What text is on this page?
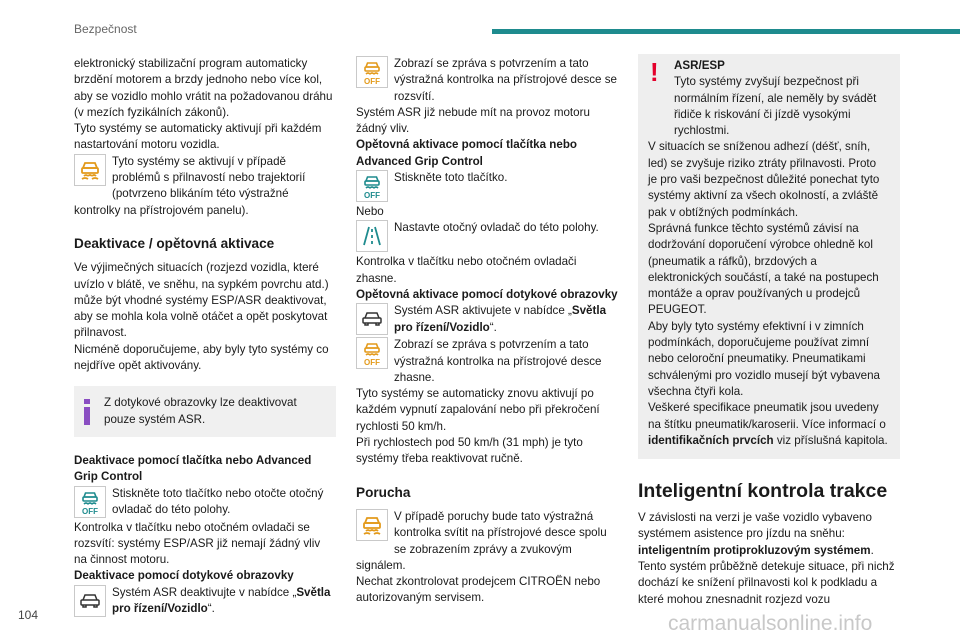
Bezpečnost

elektronický stabilizační program automaticky brzdění motorem a brzdy jednoho nebo více kol, aby se vozidlo mohlo vrátit na požadovanou dráhu (v mezích fyzikálních zákonů).

Tyto systémy se automaticky aktivují při každém nastartování motoru vozidla.

Tyto systémy se aktivují v případě problémů s přilnavostí nebo trajektorií (potvrzeno blikáním této výstražné kontrolky na přístrojovém panelu).

Deaktivace / opětovná aktivace

Ve výjimečných situacích (rozjezd vozidla, které uvízlo v blátě, ve sněhu, na sypkém povrchu atd.) může být vhodné systémy ESP/ASR deaktivovat, aby se mohla kola volně otáčet a opět poskytovat přilnavost.

Nicméně doporučujeme, aby byly tyto systémy co nejdříve opět aktivovány.

Z dotykové obrazovky lze deaktivovat pouze systém ASR.

Deaktivace pomocí tlačítka nebo Advanced Grip Control

OFF

Stiskněte toto tlačítko nebo otočte otočný ovladač do této polohy.

Kontrolka v tlačítku nebo otočném ovladači se rozsvítí: systémy ESP/ASR již nemají žádný vliv na činnost motoru.

Deaktivace pomocí dotykové obrazovky

Systém ASR deaktivujte v nabídce „Světla pro řízení/Vozidlo“.

OFF

Zobrazí se zpráva s potvrzením a tato výstražná kontrolka na přístrojové desce se rozsvítí.

Systém ASR již nebude mít na provoz motoru žádný vliv.

Opětovná aktivace pomocí tlačítka nebo Advanced Grip Control

OFF

Stiskněte toto tlačítko.

Nebo

Nastavte otočný ovladač do této polohy.

Kontrolka v tlačítku nebo otočném ovladači zhasne.

Opětovná aktivace pomocí dotykové obrazovky

Systém ASR aktivujete v nabídce „Světla pro řízení/Vozidlo“.

OFF

Zobrazí se zpráva s potvrzením a tato výstražná kontrolka na přístrojové desce zhasne.

Tyto systémy se automaticky znovu aktivují po každém vypnutí zapalování nebo při překročení rychlosti 50 km/h.

Při rychlostech pod 50 km/h (31 mph) je tyto systémy třeba reaktivovat ručně.

Porucha

V případě poruchy bude tato výstražná kontrolka svítit na přístrojové desce spolu se zobrazením zprávy a zvukovým signálem.

Nechat zkontrolovat prodejcem CITROËN nebo autorizovaným servisem.

! ASR/ESP

Tyto systémy zvyšují bezpečnost při normálním řízení, ale neměly by svádět řidiče k riskování či jízdě vysokými rychlostmi.

V situacích se sníženou adhezí (déšť, sníh, led) se zvyšuje riziko ztráty přilnavosti. Proto je pro vaši bezpečnost důležité ponechat tyto systémy aktivní za všech okolností, a zvláště pak v obtížných podmínkách.

Správná funkce těchto systémů závisí na dodržování doporučení výrobce ohledně kol (pneumatik a ráfků), brzdových a elektronických součástí, a také na postupech montáže a oprav používaných u prodejců PEUGEOT.

Aby byly tyto systémy efektivní i v zimních podmínkách, doporučujeme používat zimní nebo celoroční pneumatiky. Pneumatikami schválenými pro vozidlo musejí být vybavena všechna čtyři kola.

Veškeré specifikace pneumatik jsou uvedeny na štítku pneumatik/karoserii. Více informací o identifikačních prvcích viz příslušná kapitola.

Inteligentní kontrola trakce

V závislosti na verzi je vaše vozidlo vybaveno systémem asistence pro jízdu na sněhu:

inteligentním protiprokluzovým systémem.

Tento systém průběžně detekuje situace, při nichž dochází ke snížení přilnavosti kol k podkladu a které mohou znesnadnit rozjezd vozu

104	carmanualsonline.info
